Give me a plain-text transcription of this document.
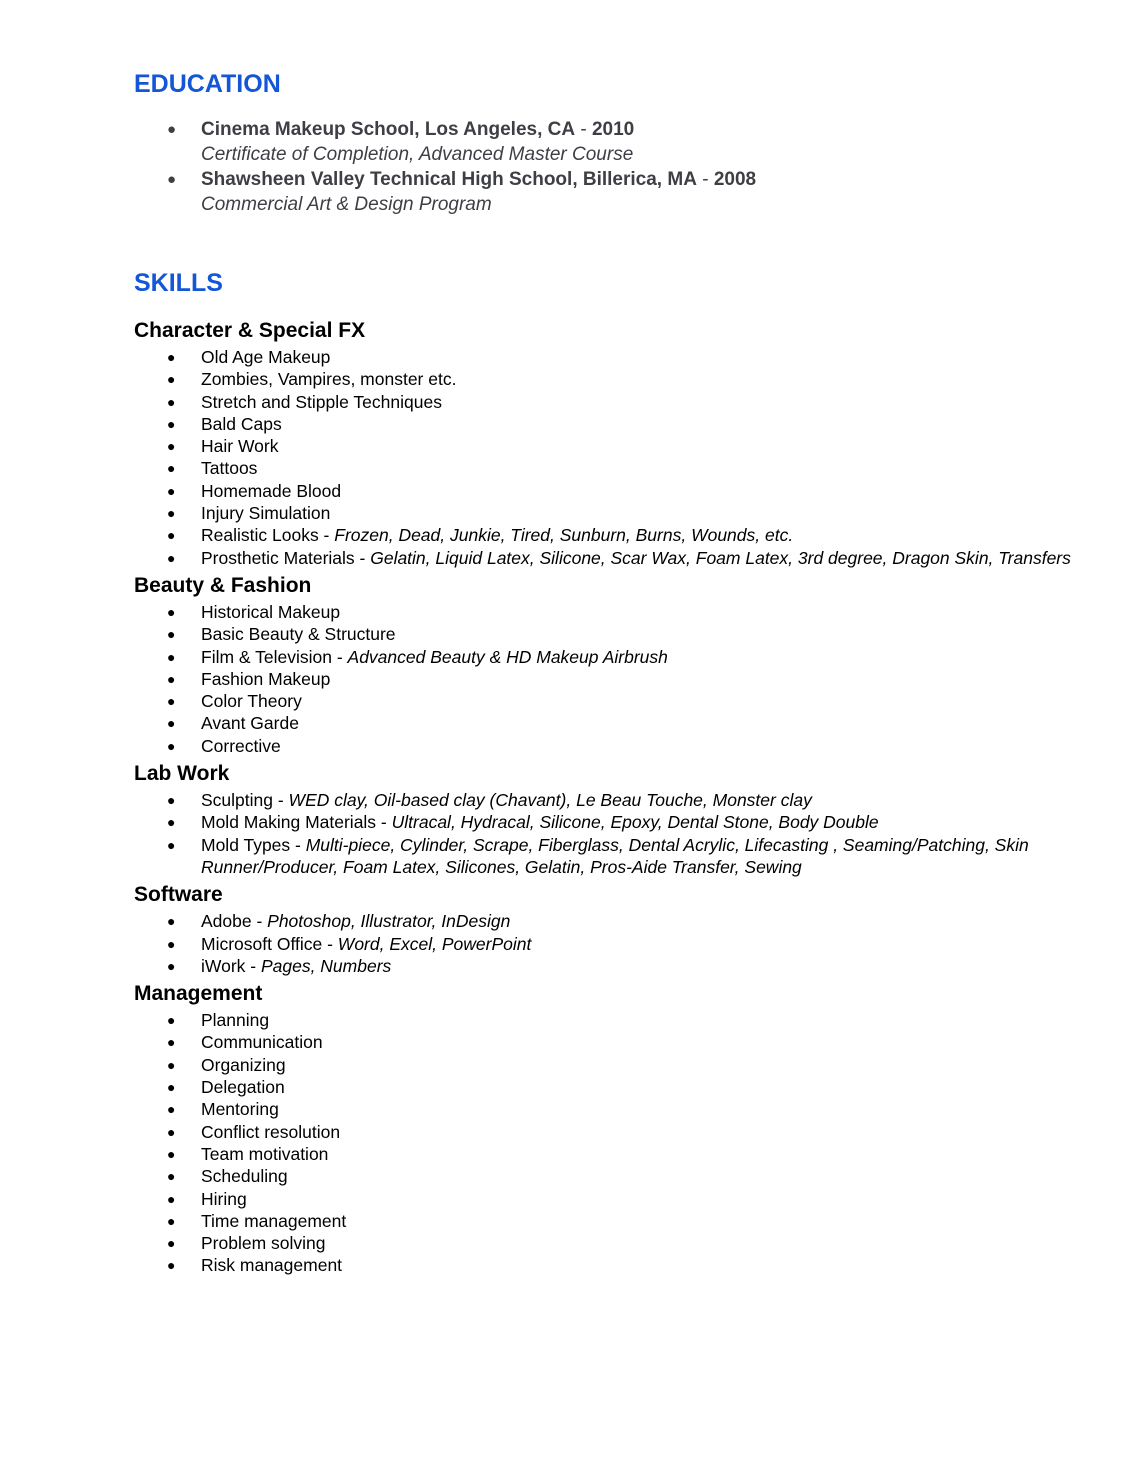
EDUCATION
● Cinema Makeup School, Los Angeles, CA - 2010
Certificate of Completion, Advanced Master Course
● Shawsheen Valley Technical High School, Billerica, MA - 2008
Commercial Art & Design Program
SKILLS
Character & Special FX
● Old Age Makeup
● Zombies, Vampires, monster etc.
● Stretch and Stipple Techniques
● Bald Caps
● Hair Work
● Tattoos
● Homemade Blood
● Injury Simulation
● Realistic Looks - Frozen, Dead, Junkie, Tired, Sunburn, Burns, Wounds, etc.
● Prosthetic Materials - Gelatin, Liquid Latex, Silicone, Scar Wax, Foam Latex, 3rd degree, Dragon Skin, Transfers
Beauty & Fashion
● Historical Makeup
● Basic Beauty & Structure
● Film & Television - Advanced Beauty & HD Makeup Airbrush
● Fashion Makeup
● Color Theory
● Avant Garde
● Corrective
Lab Work
● Sculpting - WED clay, Oil-based clay (Chavant), Le Beau Touche, Monster clay
● Mold Making Materials - Ultracal, Hydracal, Silicone, Epoxy, Dental Stone, Body Double
● Mold Types - Multi-piece, Cylinder, Scrape, Fiberglass, Dental Acrylic, Lifecasting , Seaming/Patching, Skin Runner/Producer, Foam Latex, Silicones, Gelatin, Pros-Aide Transfer, Sewing
Software
● Adobe - Photoshop, Illustrator, InDesign
● Microsoft Office - Word, Excel, PowerPoint
● iWork - Pages, Numbers
Management
● Planning
● Communication
● Organizing
● Delegation
● Mentoring
● Conflict resolution
● Team motivation
● Scheduling
● Hiring
● Time management
● Problem solving
● Risk management
